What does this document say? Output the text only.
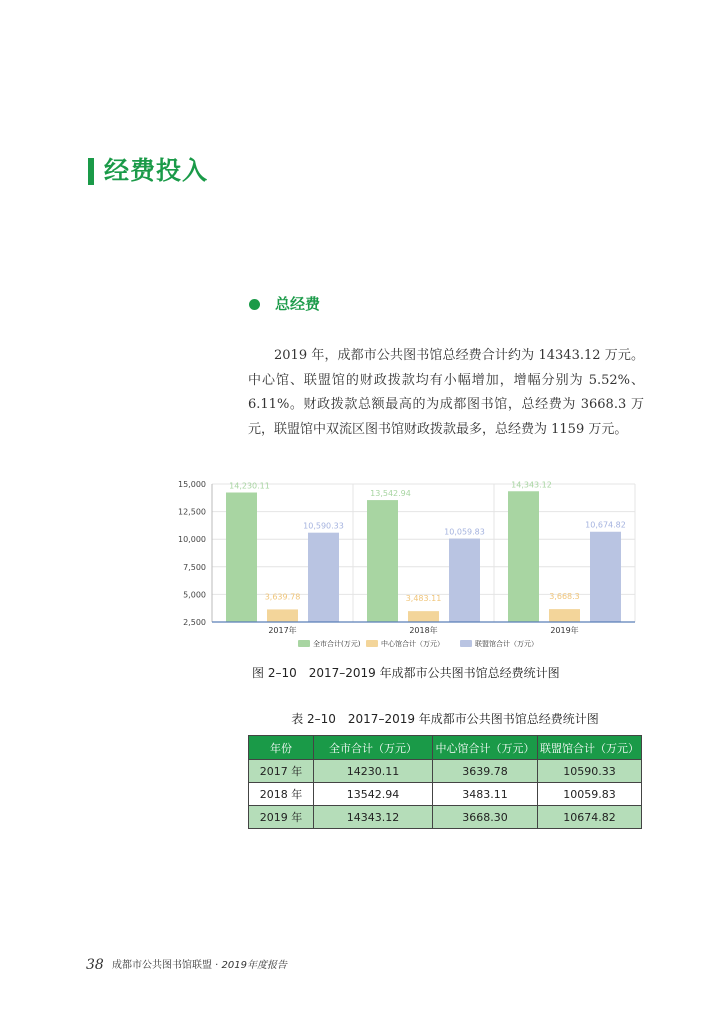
经费投入
总经费

2019 年，成都市公共图书馆总经费合计约为 14343.12 万元。中心馆、联盟馆的财政拨款均有小幅增加，增幅分别为 5.52%、6.11%。财政拨款总额最高的为成都图书馆，总经费为 3668.3 万元，联盟馆中双流区图书馆财政拨款最多，总经费为 1159 万元。

2,500
5,000
7,500
10,000
12,500
15,000	14,230.11
3,639.78
10,590.33
13,542.94
3,483.11
10,059.83
14,343.12
3,668.3
10,674.82
2017年	2018年	2019年
全市合计(万元)	中心馆合计（万元）	联盟馆合计（万元）
图 2–10　2017–2019 年成都市公共图书馆总经费统计图
表 2–10　2017–2019 年成都市公共图书馆总经费统计图
年份	全市合计（万元）	中心馆合计（万元）	联盟馆合计（万元）
2017 年	14230.11	3639.78	10590.33
2018 年	13542.94	3483.11	10059.83
2019 年	14343.12	3668.30	10674.82
38 成都市公共图书馆联盟 · 2019年度报告
